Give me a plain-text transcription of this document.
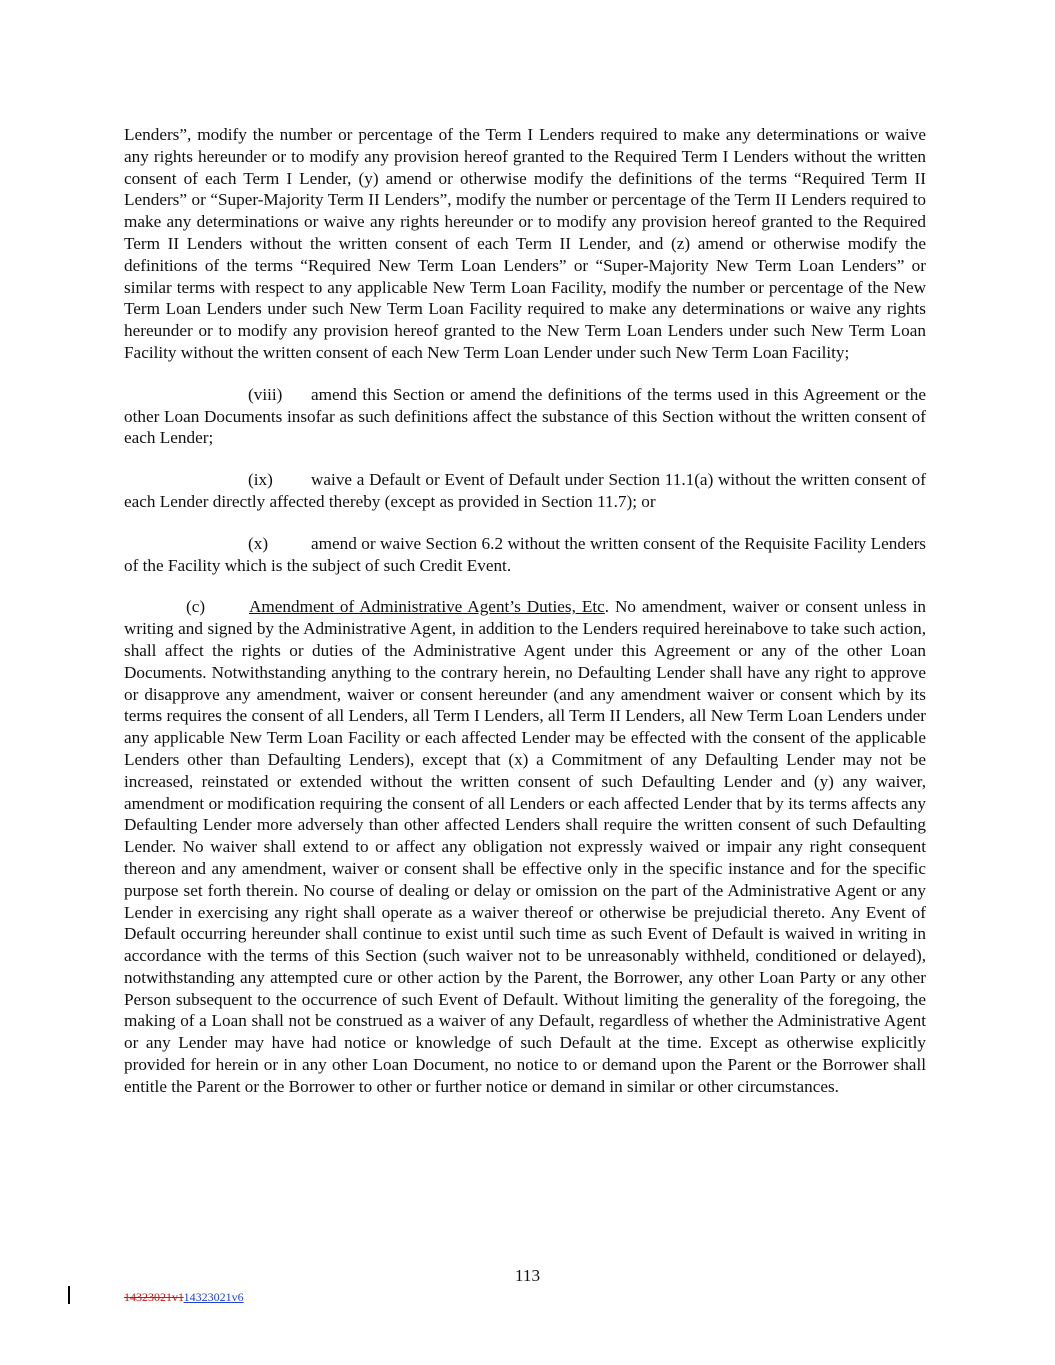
Lenders”, modify the number or percentage of the Term I Lenders required to make any determinations or waive any rights hereunder or to modify any provision hereof granted to the Required Term I Lenders without the written consent of each Term I Lender, (y) amend or otherwise modify the definitions of the terms “Required Term II Lenders” or “Super-Majority Term II Lenders”, modify the number or percentage of the Term II Lenders required to make any determinations or waive any rights hereunder or to modify any provision hereof granted to the Required Term II Lenders without the written consent of each Term II Lender, and (z) amend or otherwise modify the definitions of the terms “Required New Term Loan Lenders” or “Super-Majority New Term Loan Lenders” or similar terms with respect to any applicable New Term Loan Facility, modify the number or percentage of the New Term Loan Lenders under such New Term Loan Facility required to make any determinations or waive any rights hereunder or to modify any provision hereof granted to the New Term Loan Lenders under such New Term Loan Facility without the written consent of each New Term Loan Lender under such New Term Loan Facility;

(viii) amend this Section or amend the definitions of the terms used in this Agreement or the other Loan Documents insofar as such definitions affect the substance of this Section without the written consent of each Lender;

(ix) waive a Default or Event of Default under Section 11.1(a) without the written consent of each Lender directly affected thereby (except as provided in Section 11.7); or

(x) amend or waive Section 6.2 without the written consent of the Requisite Facility Lenders of the Facility which is the subject of such Credit Event.

(c)	Amendment of Administrative Agent’s Duties, Etc. No amendment, waiver or consent unless in writing and signed by the Administrative Agent, in addition to the Lenders required hereinabove to take such action, shall affect the rights or duties of the Administrative Agent under this Agreement or any of the other Loan Documents. Notwithstanding anything to the contrary herein, no Defaulting Lender shall have any right to approve or disapprove any amendment, waiver or consent hereunder (and any amendment waiver or consent which by its terms requires the consent of all Lenders, all Term I Lenders, all Term II Lenders, all New Term Loan Lenders under any applicable New Term Loan Facility or each affected Lender may be effected with the consent of the applicable Lenders other than Defaulting Lenders), except that (x) a Commitment of any Defaulting Lender may not be increased, reinstated or extended without the written consent of such Defaulting Lender and (y) any waiver, amendment or modification requiring the consent of all Lenders or each affected Lender that by its terms affects any Defaulting Lender more adversely than other affected Lenders shall require the written consent of such Defaulting Lender. No waiver shall extend to or affect any obligation not expressly waived or impair any right consequent thereon and any amendment, waiver or consent shall be effective only in the specific instance and for the specific purpose set forth therein. No course of dealing or delay or omission on the part of the Administrative Agent or any Lender in exercising any right shall operate as a waiver thereof or otherwise be prejudicial thereto. Any Event of Default occurring hereunder shall continue to exist until such time as such Event of Default is waived in writing in accordance with the terms of this Section (such waiver not to be unreasonably withheld, conditioned or delayed), notwithstanding any attempted cure or other action by the Parent, the Borrower, any other Loan Party or any other Person subsequent to the occurrence of such Event of Default. Without limiting the generality of the foregoing, the making of a Loan shall not be construed as a waiver of any Default, regardless of whether the Administrative Agent or any Lender may have had notice or knowledge of such Default at the time. Except as otherwise explicitly provided for herein or in any other Loan Document, no notice to or demand upon the Parent or the Borrower shall entitle the Parent or the Borrower to other or further notice or demand in similar or other circumstances.

113
14323021v114323021v6
